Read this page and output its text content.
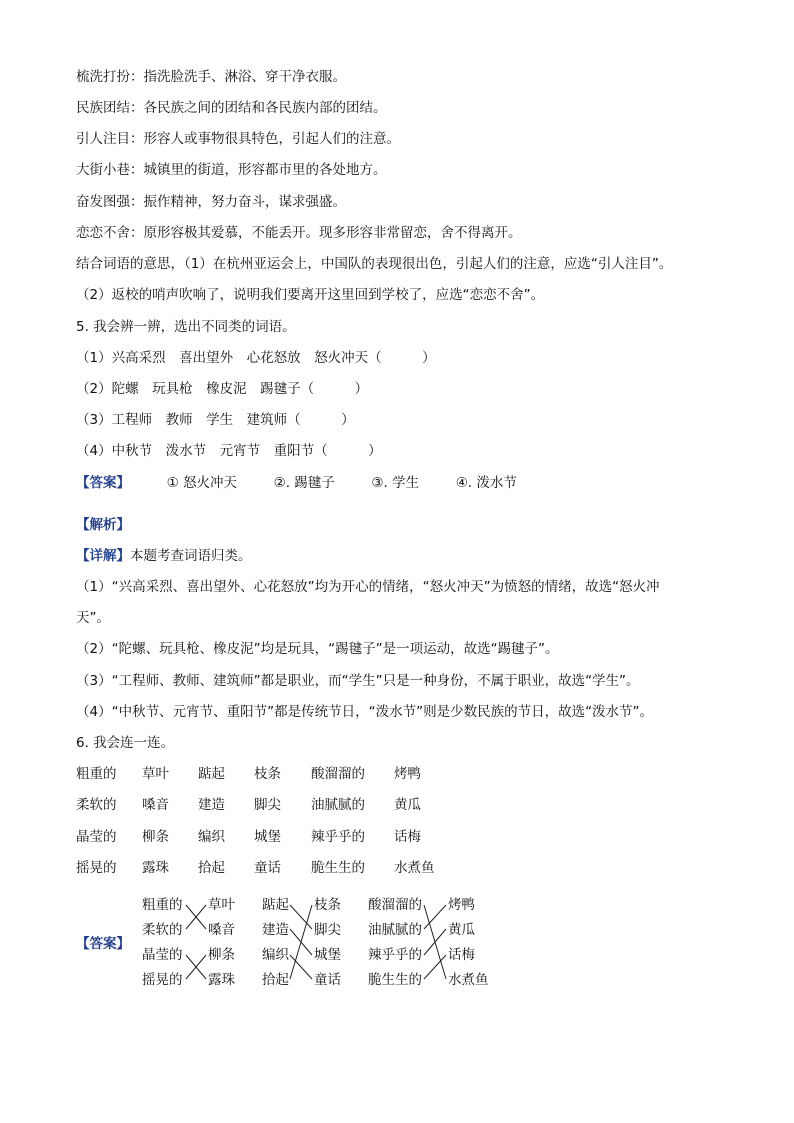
梳洗打扮：指洗脸洗手、淋浴、穿干净衣服。
民族团结：各民族之间的团结和各民族内部的团结。
引人注目：形容人或事物很具特色，引起人们的注意。
大街小巷：城镇里的街道，形容都市里的各处地方。
奋发图强：振作精神，努力奋斗，谋求强盛。
恋恋不舍：原形容极其爱慕，不能丢开。现多形容非常留恋，舍不得离开。
结合词语的意思，（1）在杭州亚运会上，中国队的表现很出色，引起人们的注意，应选“引人注目”。
（2）返校的哨声吹响了，说明我们要离开这里回到学校了，应选“恋恋不舍”。
5. 我会辨一辨，选出不同类的词语。
（1）兴高采烈　喜出望外　心花怒放　怒火冲天（　　　）
（2）陀螺　玩具枪　橡皮泥　踢毽子（　　　）
（3）工程师　教师　学生　建筑师（　　　）
（4）中秋节　泼水节　元宵节　重阳节（　　　）
【答案】	① 怒火冲天	②. 踢毽子	③. 学生	④. 泼水节
【解析】
【详解】本题考查词语归类。
（1）“兴高采烈、喜出望外、心花怒放”均为开心的情绪，“怒火冲天”为愤怒的情绪，故选“怒火冲
天”。
（2）“陀螺、玩具枪、橡皮泥”均是玩具，“踢毽子”是一项运动，故选“踢毽子”。
（3）“工程师、教师、建筑师”都是职业，而“学生”只是一种身份，不属于职业，故选“学生”。
（4）“中秋节、元宵节、重阳节”都是传统节日，“泼水节”则是少数民族的节日，故选“泼水节”。
6. 我会连一连。
粗重的 草叶 踮起 枝条 酸溜溜的 烤鸭
柔软的 嗓音 建造 脚尖 油腻腻的 黄瓜
晶莹的 柳条 编织 城堡 辣乎乎的 话梅
摇晃的 露珠 拾起 童话 脆生生的 水煮鱼
【答案】
粗重的 草叶 踮起 枝条 酸溜溜的 烤鸭
柔软的 嗓音 建造 脚尖 油腻腻的 黄瓜
晶莹的 柳条 编织 城堡 辣乎乎的 话梅
摇晃的 露珠 拾起 童话 脆生生的 水煮鱼
